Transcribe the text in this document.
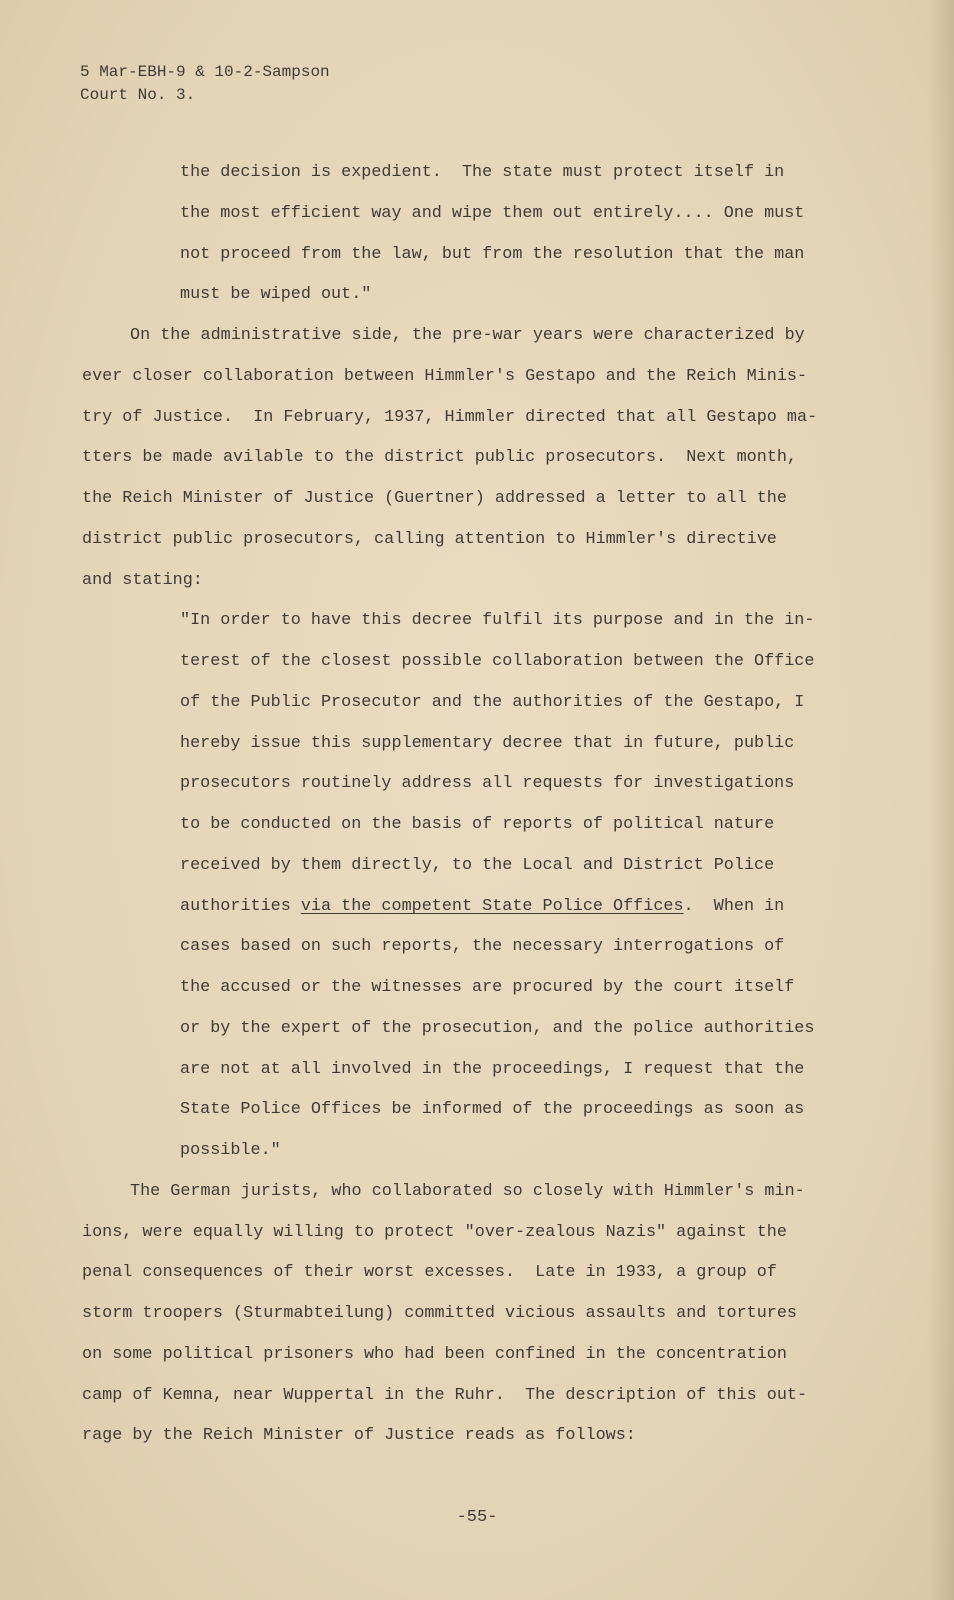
5 Mar-EBH-9 & 10-2-Sampson
Court No. 3.
the decision is expedient.  The state must protect itself in
the most efficient way and wipe them out entirely.... One must
not proceed from the law, but from the resolution that the man
must be wiped out."
On the administrative side, the pre-war years were characterized by
ever closer collaboration between Himmler's Gestapo and the Reich Minis-
try of Justice.  In February, 1937, Himmler directed that all Gestapo ma-
tters be made avilable to the district public prosecutors.  Next month,
the Reich Minister of Justice (Guertner) addressed a letter to all the
district public prosecutors, calling attention to Himmler's directive
and stating:
"In order to have this decree fulfil its purpose and in the in-
terest of the closest possible collaboration between the Office
of the Public Prosecutor and the authorities of the Gestapo, I
hereby issue this supplementary decree that in future, public
prosecutors routinely address all requests for investigations
to be conducted on the basis of reports of political nature
received by them directly, to the Local and District Police
authorities via the competent State Police Offices.  When in
cases based on such reports, the necessary interrogations of
the accused or the witnesses are procured by the court itself
or by the expert of the prosecution, and the police authorities
are not at all involved in the proceedings, I request that the
State Police Offices be informed of the proceedings as soon as
possible."
The German jurists, who collaborated so closely with Himmler's min-
ions, were equally willing to protect "over-zealous Nazis" against the
penal consequences of their worst excesses.  Late in 1933, a group of
storm troopers (Sturmabteilung) committed vicious assaults and tortures
on some political prisoners who had been confined in the concentration
camp of Kemna, near Wuppertal in the Ruhr.  The description of this out-
rage by the Reich Minister of Justice reads as follows:
-55-
